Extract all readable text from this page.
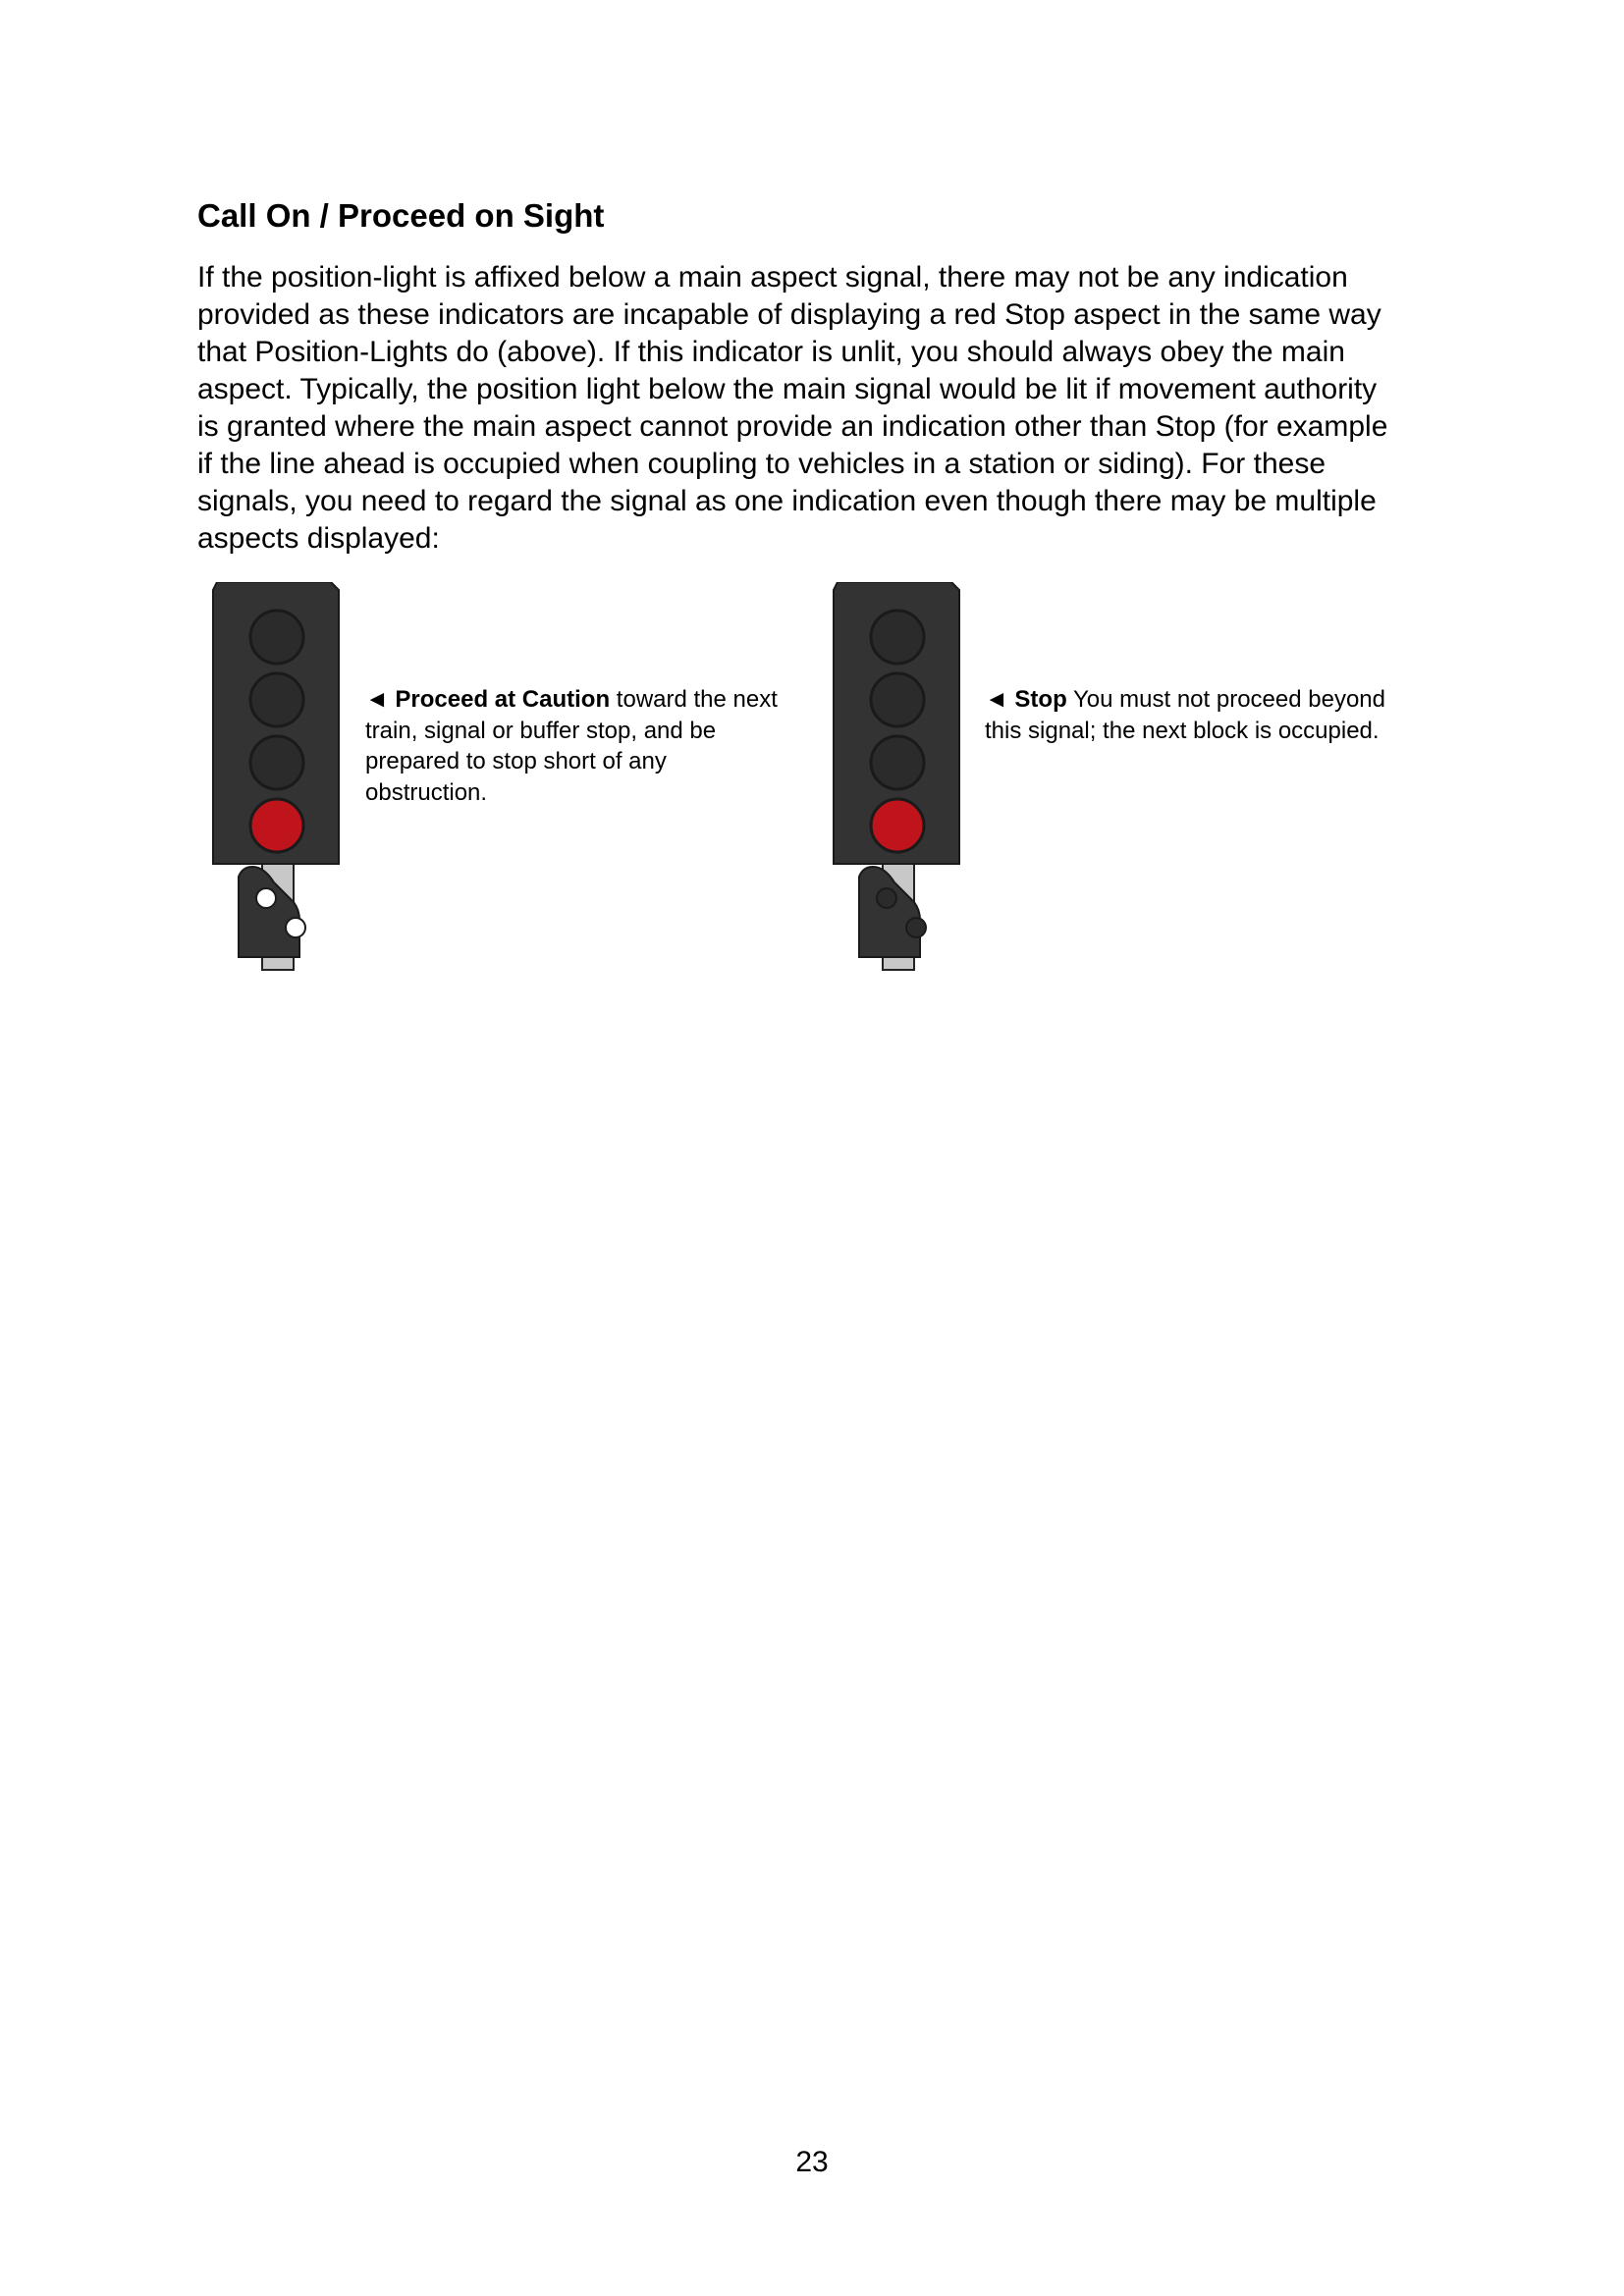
Call On / Proceed on Sight

If the position-light is affixed below a main aspect signal, there may not be any indication
provided as these indicators are incapable of displaying a red Stop aspect in the same way
that Position-Lights do (above). If this indicator is unlit, you should always obey the main
aspect. Typically, the position light below the main signal would be lit if movement authority
is granted where the main aspect cannot provide an indication other than Stop (for example
if the line ahead is occupied when coupling to vehicles in a station or siding). For these
signals, you need to regard the signal as one indication even though there may be multiple
aspects displayed:

◄ Proceed at Caution toward the next
train, signal or buffer stop, and be
prepared to stop short of any
obstruction.

◄ Stop You must not proceed beyond
this signal; the next block is occupied.

23
